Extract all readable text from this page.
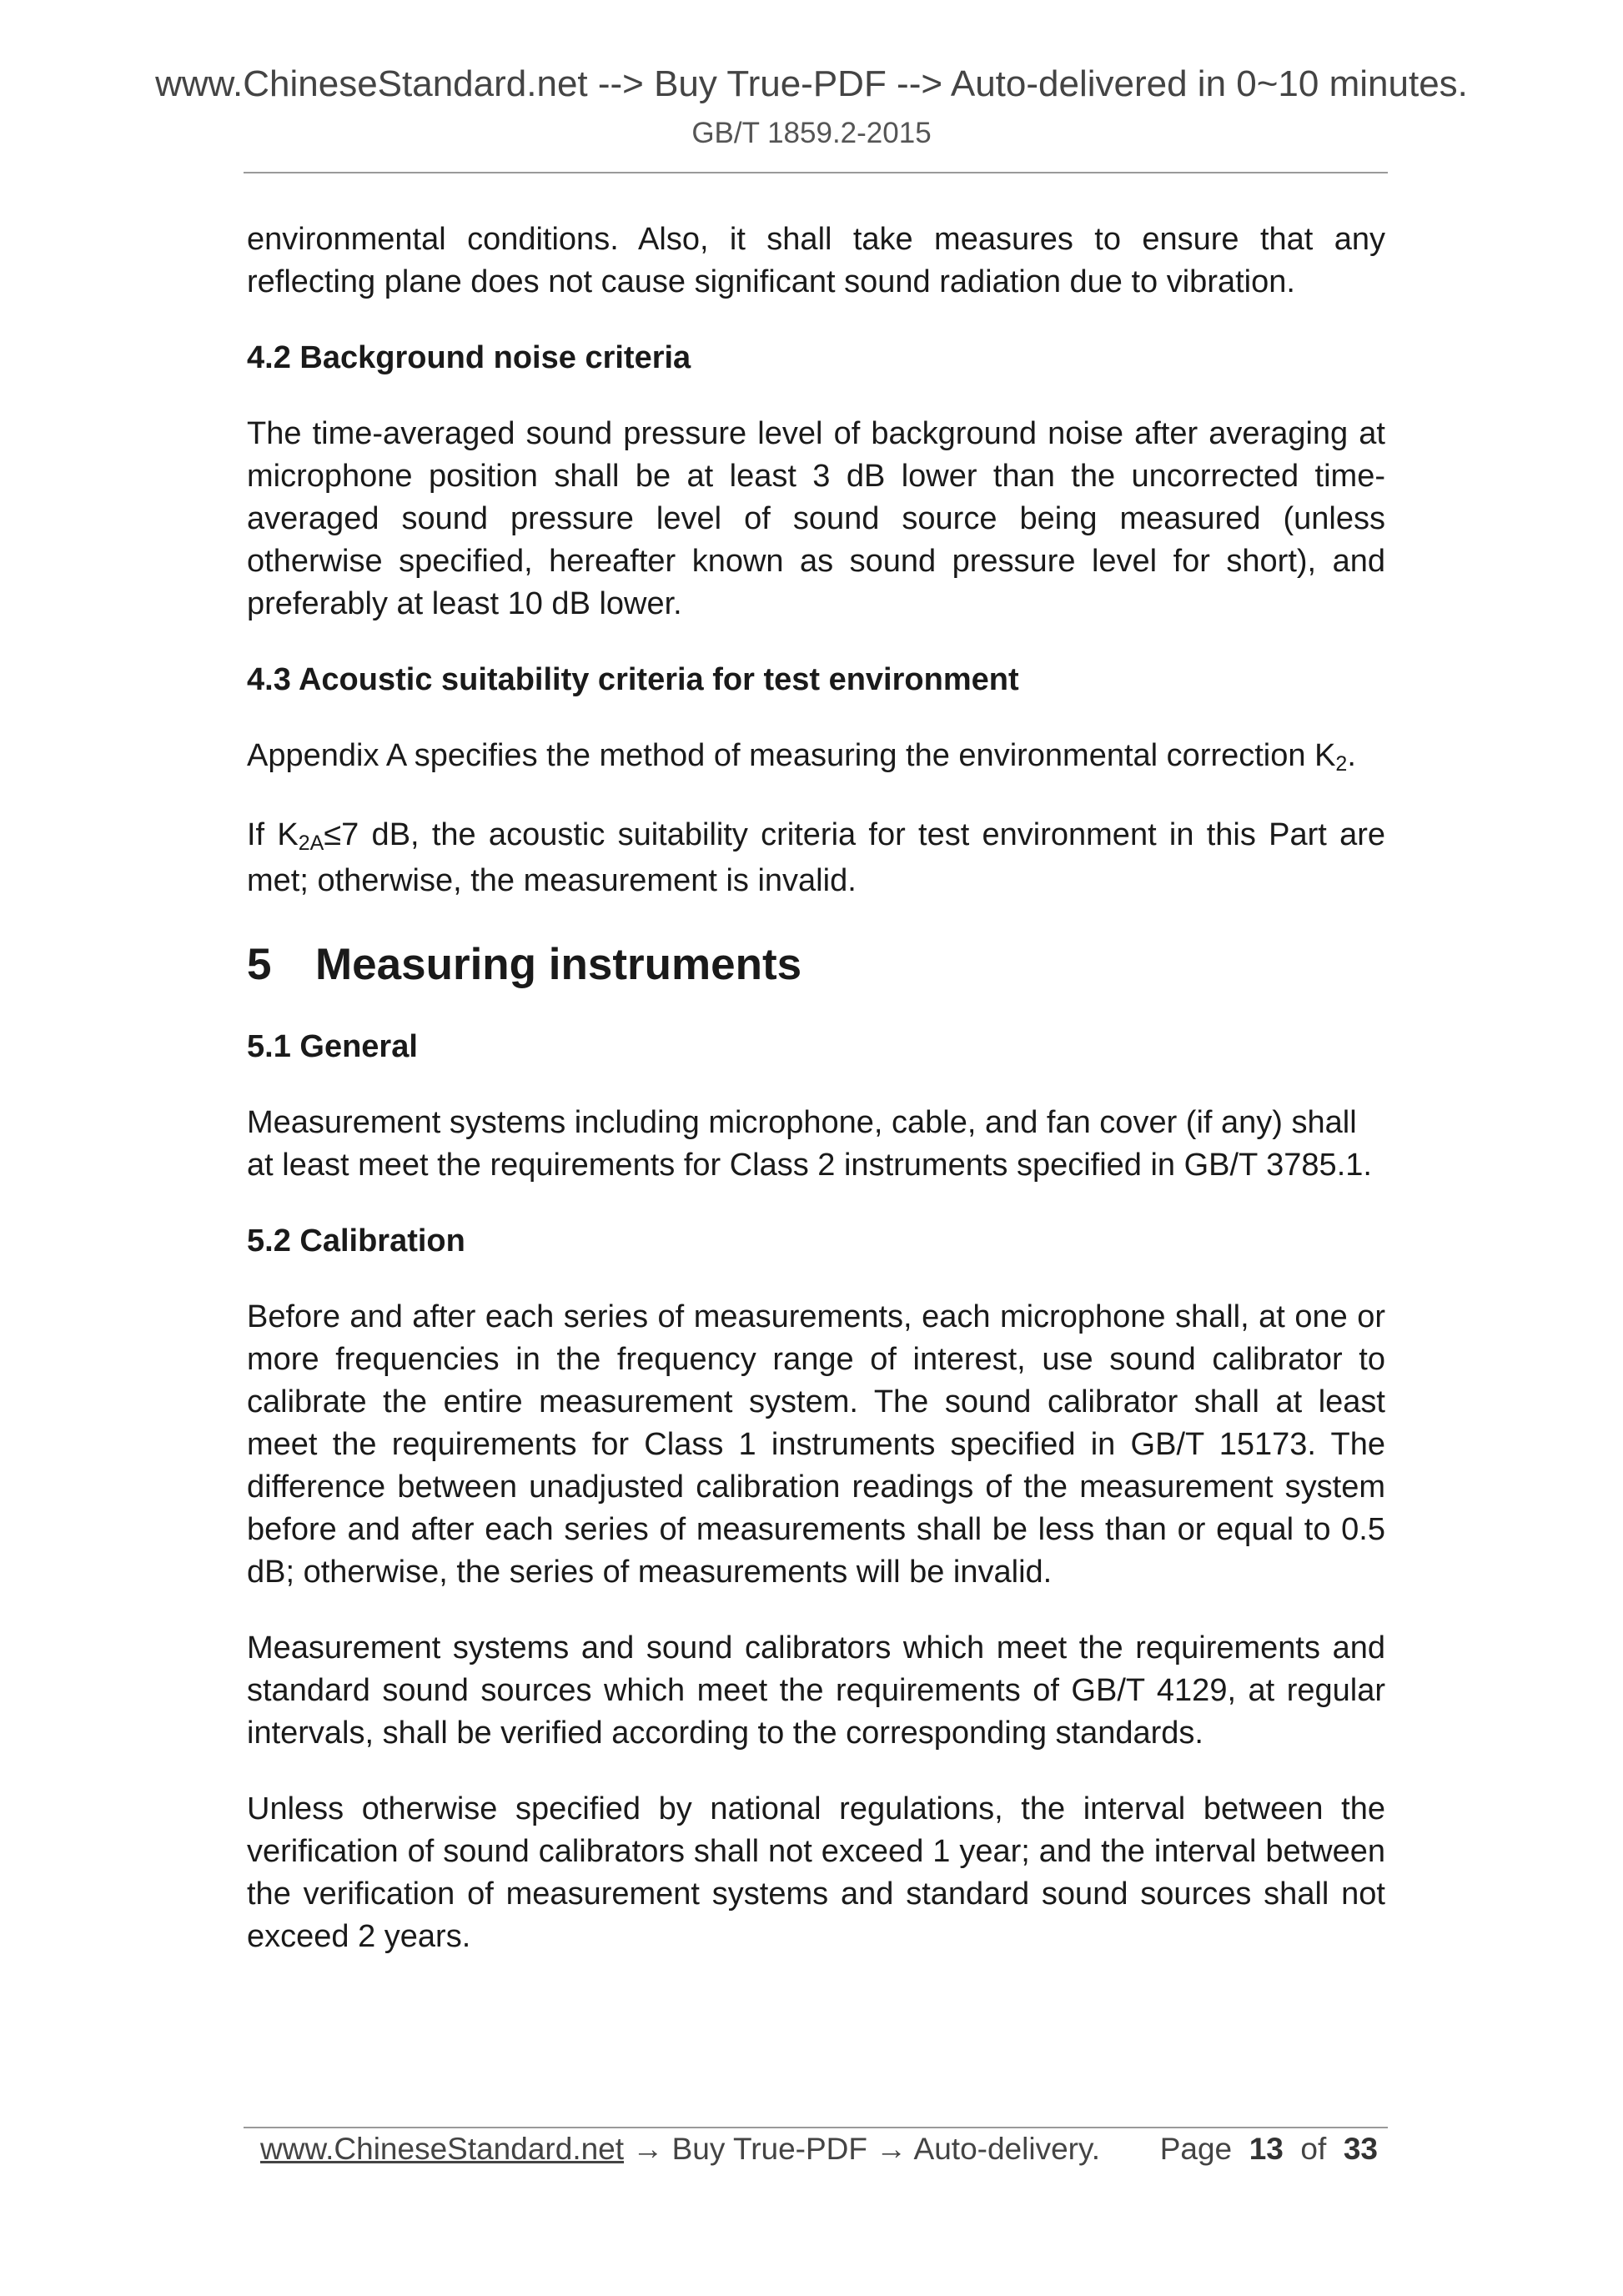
www.ChineseStandard.net --> Buy True-PDF --> Auto-delivered in 0~10 minutes.
GB/T 1859.2-2015

environmental conditions. Also, it shall take measures to ensure that any reflecting plane does not cause significant sound radiation due to vibration.

4.2 Background noise criteria

The time-averaged sound pressure level of background noise after averaging at microphone position shall be at least 3 dB lower than the uncorrected time-averaged sound pressure level of sound source being measured (unless otherwise specified, hereafter known as sound pressure level for short), and preferably at least 10 dB lower.

4.3 Acoustic suitability criteria for test environment

Appendix A specifies the method of measuring the environmental correction $K_2$.

If $K_{2A}\le 7$ dB, the acoustic suitability criteria for test environment in this Part are met; otherwise, the measurement is invalid.

5 Measuring instruments
5.1 General

Measurement systems including microphone, cable, and fan cover (if any) shall
at least meet the requirements for Class 2 instruments specified in GB/T 3785.1.

5.2 Calibration

Before and after each series of measurements, each microphone shall, at one or more frequencies in the frequency range of interest, use sound calibrator to calibrate the entire measurement system. The sound calibrator shall at least meet the requirements for Class 1 instruments specified in GB/T 15173. The difference between unadjusted calibration readings of the measurement system before and after each series of measurements shall be less than or equal to 0.5 dB; otherwise, the series of measurements will be invalid.

Measurement systems and sound calibrators which meet the requirements and standard sound sources which meet the requirements of GB/T 4129, at regular intervals, shall be verified according to the corresponding standards.

Unless otherwise specified by national regulations, the interval between the verification of sound calibrators shall not exceed 1 year; and the interval between the verification of measurement systems and standard sound sources shall not exceed 2 years.

www.ChineseStandard.net → Buy True-PDF → Auto-delivery. Page 13 of 33
